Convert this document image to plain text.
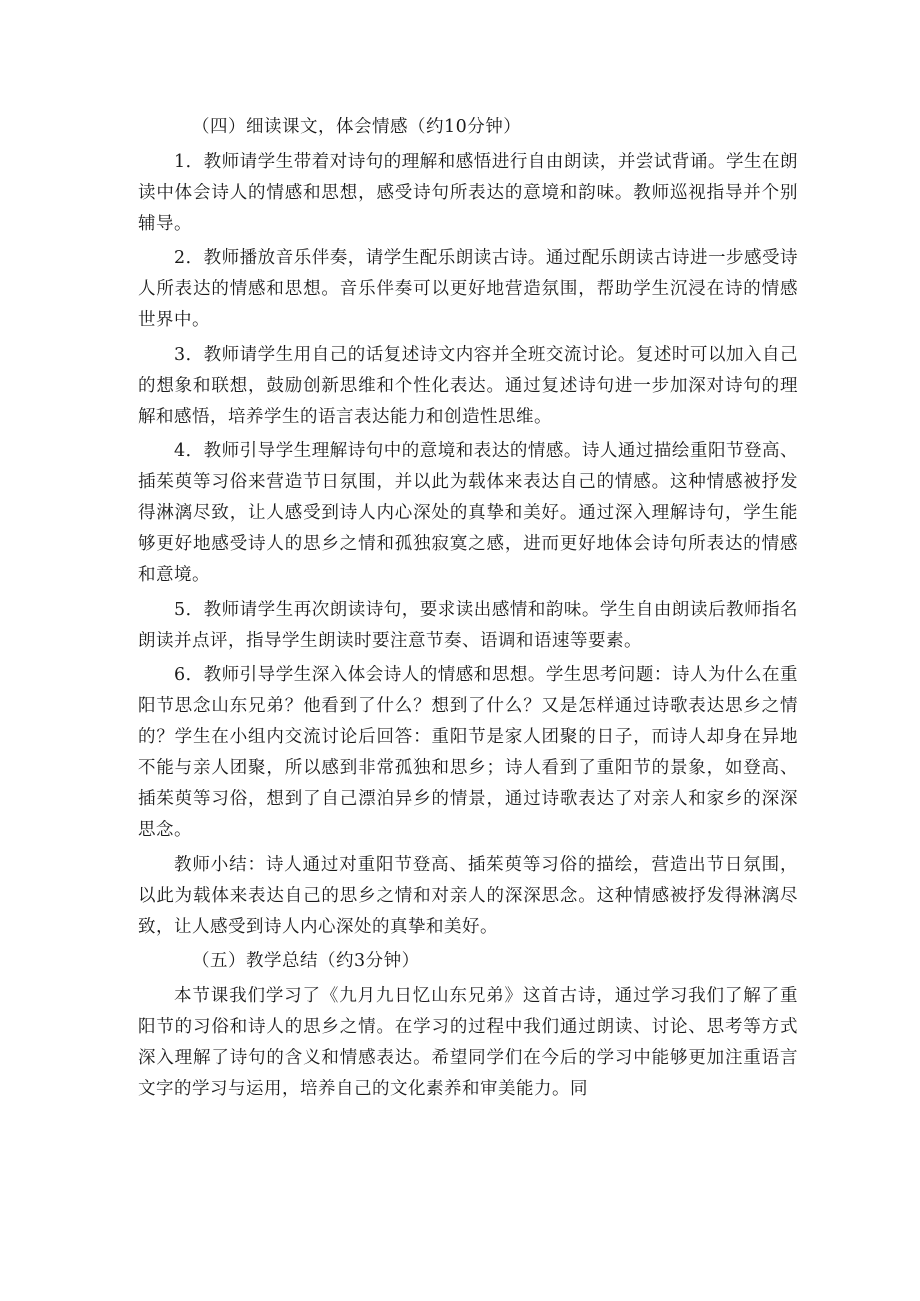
（四）细读课文，体会情感（约10分钟）

1．教师请学生带着对诗句的理解和感悟进行自由朗读，并尝试背诵。学生在朗读中体会诗人的情感和思想，感受诗句所表达的意境和韵味。教师巡视指导并个别辅导。

2．教师播放音乐伴奏，请学生配乐朗读古诗。通过配乐朗读古诗进一步感受诗人所表达的情感和思想。音乐伴奏可以更好地营造氛围，帮助学生沉浸在诗的情感世界中。

3．教师请学生用自己的话复述诗文内容并全班交流讨论。复述时可以加入自己的想象和联想，鼓励创新思维和个性化表达。通过复述诗句进一步加深对诗句的理解和感悟，培养学生的语言表达能力和创造性思维。

4．教师引导学生理解诗句中的意境和表达的情感。诗人通过描绘重阳节登高、插茱萸等习俗来营造节日氛围，并以此为载体来表达自己的情感。这种情感被抒发得淋漓尽致，让人感受到诗人内心深处的真挚和美好。通过深入理解诗句，学生能够更好地感受诗人的思乡之情和孤独寂寞之感，进而更好地体会诗句所表达的情感和意境。

5．教师请学生再次朗读诗句，要求读出感情和韵味。学生自由朗读后教师指名朗读并点评，指导学生朗读时要注意节奏、语调和语速等要素。

6．教师引导学生深入体会诗人的情感和思想。学生思考问题：诗人为什么在重阳节思念山东兄弟？他看到了什么？想到了什么？又是怎样通过诗歌表达思乡之情的？学生在小组内交流讨论后回答：重阳节是家人团聚的日子，而诗人却身在异地不能与亲人团聚，所以感到非常孤独和思乡；诗人看到了重阳节的景象，如登高、插茱萸等习俗，想到了自己漂泊异乡的情景，通过诗歌表达了对亲人和家乡的深深思念。

教师小结：诗人通过对重阳节登高、插茱萸等习俗的描绘，营造出节日氛围，以此为载体来表达自己的思乡之情和对亲人的深深思念。这种情感被抒发得淋漓尽致，让人感受到诗人内心深处的真挚和美好。

（五）教学总结（约3分钟）

本节课我们学习了《九月九日忆山东兄弟》这首古诗，通过学习我们了解了重阳节的习俗和诗人的思乡之情。在学习的过程中我们通过朗读、讨论、思考等方式深入理解了诗句的含义和情感表达。希望同学们在今后的学习中能够更加注重语言文字的学习与运用，培养自己的文化素养和审美能力。同
